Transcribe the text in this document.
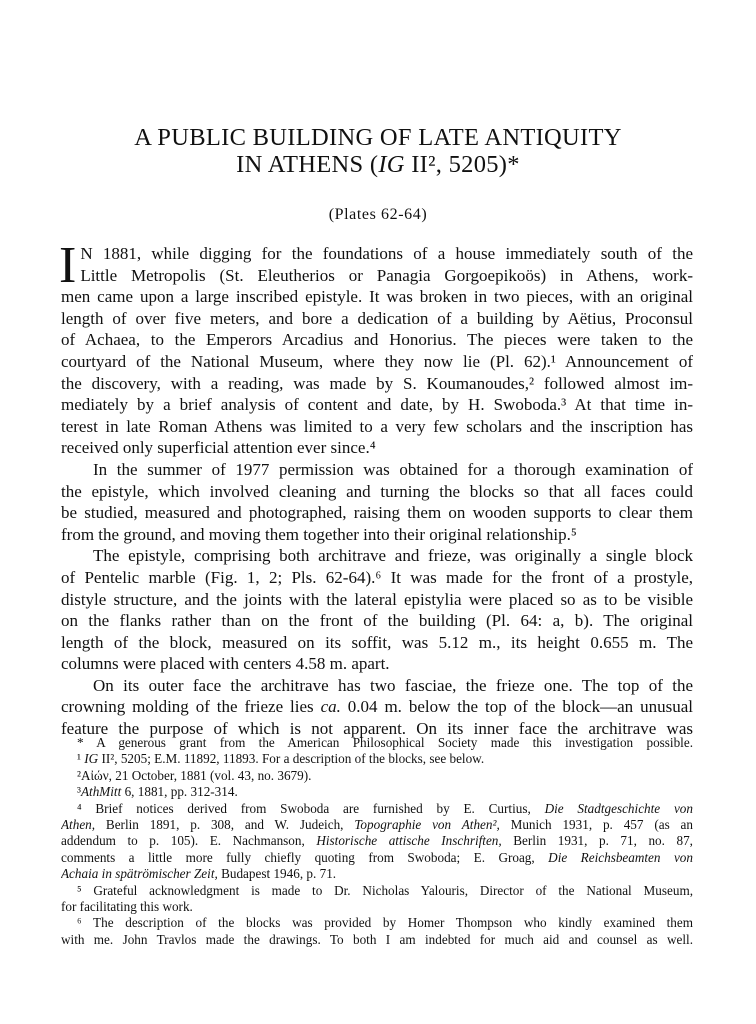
A PUBLIC BUILDING OF LATE ANTIQUITY
IN ATHENS (IG II², 5205)*
(Plates 62-64)
I N 1881, while digging for the foundations of a house immediately south of the
Little Metropolis (St. Eleutherios or Panagia Gorgoepikoös) in Athens, work-
men came upon a large inscribed epistyle. It was broken in two pieces, with an original
length of over five meters, and bore a dedication of a building by Aëtius, Proconsul
of Achaea, to the Emperors Arcadius and Honorius. The pieces were taken to the
courtyard of the National Museum, where they now lie (Pl. 62).¹ Announcement of
the discovery, with a reading, was made by S. Koumanoudes,² followed almost im-
mediately by a brief analysis of content and date, by H. Swoboda.³ At that time in-
terest in late Roman Athens was limited to a very few scholars and the inscription has
received only superficial attention ever since.⁴
In the summer of 1977 permission was obtained for a thorough examination of
the epistyle, which involved cleaning and turning the blocks so that all faces could
be studied, measured and photographed, raising them on wooden supports to clear them
from the ground, and moving them together into their original relationship.⁵
The epistyle, comprising both architrave and frieze, was originally a single block
of Pentelic marble (Fig. 1, 2; Pls. 62-64).⁶ It was made for the front of a prostyle,
distyle structure, and the joints with the lateral epistylia were placed so as to be visible
on the flanks rather than on the front of the building (Pl. 64: a, b). The original
length of the block, measured on its soffit, was 5.12 m., its height 0.655 m. The
columns were placed with centers 4.58 m. apart.
On its outer face the architrave has two fasciae, the frieze one. The top of the
crowning molding of the frieze lies ca. 0.04 m. below the top of the block—an unusual
feature the purpose of which is not apparent. On its inner face the architrave was
* A generous grant from the American Philosophical Society made this investigation possible.
¹ IG II², 5205; E.M. 11892, 11893. For a description of the blocks, see below.
²Αἰών, 21 October, 1881 (vol. 43, no. 3679).
³AthMitt 6, 1881, pp. 312-314.
⁴ Brief notices derived from Swoboda are furnished by E. Curtius, Die Stadtgeschichte von
Athen, Berlin 1891, p. 308, and W. Judeich, Topographie von Athen², Munich 1931, p. 457 (as an
addendum to p. 105). E. Nachmanson, Historische attische Inschriften, Berlin 1931, p. 71, no. 87,
comments a little more fully chiefly quoting from Swoboda; E. Groag, Die Reichsbeamten von
Achaia in spätrömischer Zeit, Budapest 1946, p. 71.
⁵ Grateful acknowledgment is made to Dr. Nicholas Yalouris, Director of the National Museum,
for facilitating this work.
⁶ The description of the blocks was provided by Homer Thompson who kindly examined them
with me. John Travlos made the drawings. To both I am indebted for much aid and counsel as well.
